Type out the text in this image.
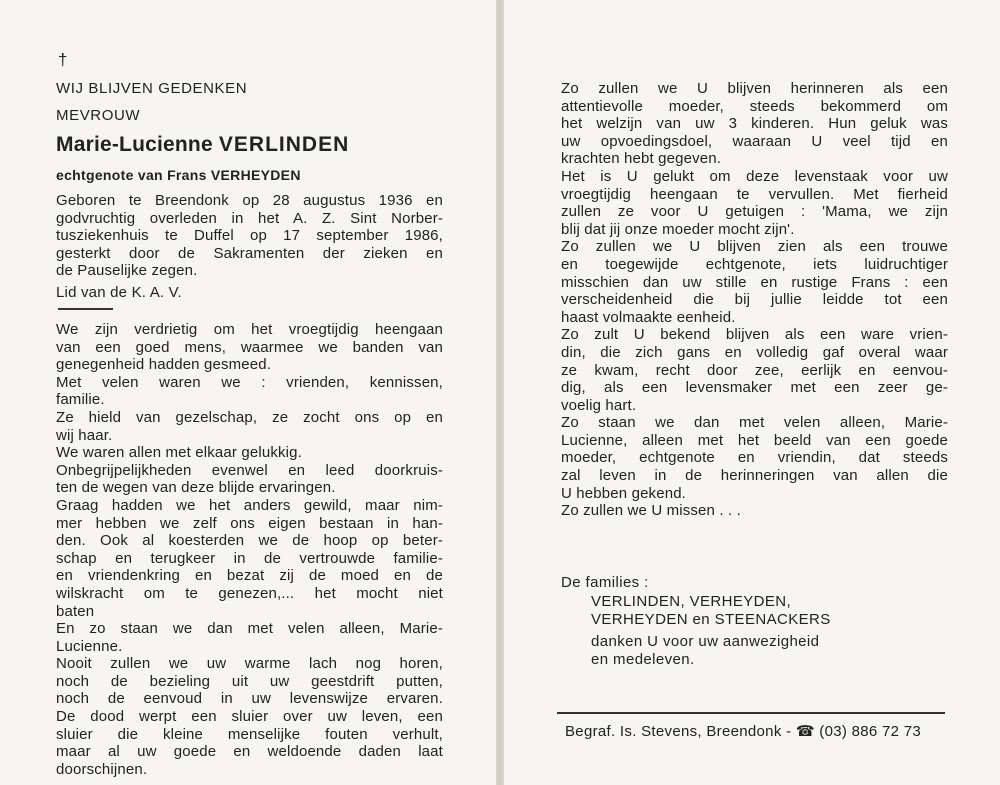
†
WIJ BLIJVEN GEDENKEN
MEVROUW
Marie-Lucienne VERLINDEN
echtgenote van Frans VERHEYDEN
Geboren te Breendonk op 28 augustus 1936 en
godvruchtig overleden in het A. Z. Sint Norber-
tusziekenhuis te Duffel op 17 september 1986,
gesterkt door de Sakramenten der zieken en
de Pauselijke zegen.
Lid van de K. A. V.
We zijn verdrietig om het vroegtijdig heengaan
van een goed mens, waarmee we banden van
genegenheid hadden gesmeed.
Met velen waren we : vrienden, kennissen,
familie.
Ze hield van gezelschap, ze zocht ons op en
wij haar.
We waren allen met elkaar gelukkig.
Onbegrijpelijkheden evenwel en leed doorkruis-
ten de wegen van deze blijde ervaringen.
Graag hadden we het anders gewild, maar nim-
mer hebben we zelf ons eigen bestaan in han-
den. Ook al koesterden we de hoop op beter-
schap en terugkeer in de vertrouwde familie-
en vriendenkring en bezat zij de moed en de
wilskracht om te genezen,... het mocht niet
baten
En zo staan we dan met velen alleen, Marie-
Lucienne.
Nooit zullen we uw warme lach nog horen,
noch de bezieling uit uw geestdrift putten,
noch de eenvoud in uw levenswijze ervaren.
De dood werpt een sluier over uw leven, een
sluier die kleine menselijke fouten verhult,
maar al uw goede en weldoende daden laat
doorschijnen.
Zo zullen we U blijven herinneren als een
attentievolle moeder, steeds bekommerd om
het welzijn van uw 3 kinderen. Hun geluk was
uw opvoedingsdoel, waaraan U veel tijd en
krachten hebt gegeven.
Het is U gelukt om deze levenstaak voor uw
vroegtijdig heengaan te vervullen. Met fierheid
zullen ze voor U getuigen : 'Mama, we zijn
blij dat jij onze moeder mocht zijn'.
Zo zullen we U blijven zien als een trouwe
en toegewijde echtgenote, iets luidruchtiger
misschien dan uw stille en rustige Frans : een
verscheidenheid die bij jullie leidde tot een
haast volmaakte eenheid.
Zo zult U bekend blijven als een ware vrien-
din, die zich gans en volledig gaf overal waar
ze kwam, recht door zee, eerlijk en eenvou-
dig, als een levensmaker met een zeer ge-
voelig hart.
Zo staan we dan met velen alleen, Marie-
Lucienne, alleen met het beeld van een goede
moeder, echtgenote en vriendin, dat steeds
zal leven in de herinneringen van allen die
U hebben gekend.
Zo zullen we U missen . . .
De families :
VERLINDEN, VERHEYDEN,
VERHEYDEN en STEENACKERS
danken U voor uw aanwezigheid
en medeleven.
Begraf. Is. Stevens, Breendonk - ☎ (03) 886 72 73
